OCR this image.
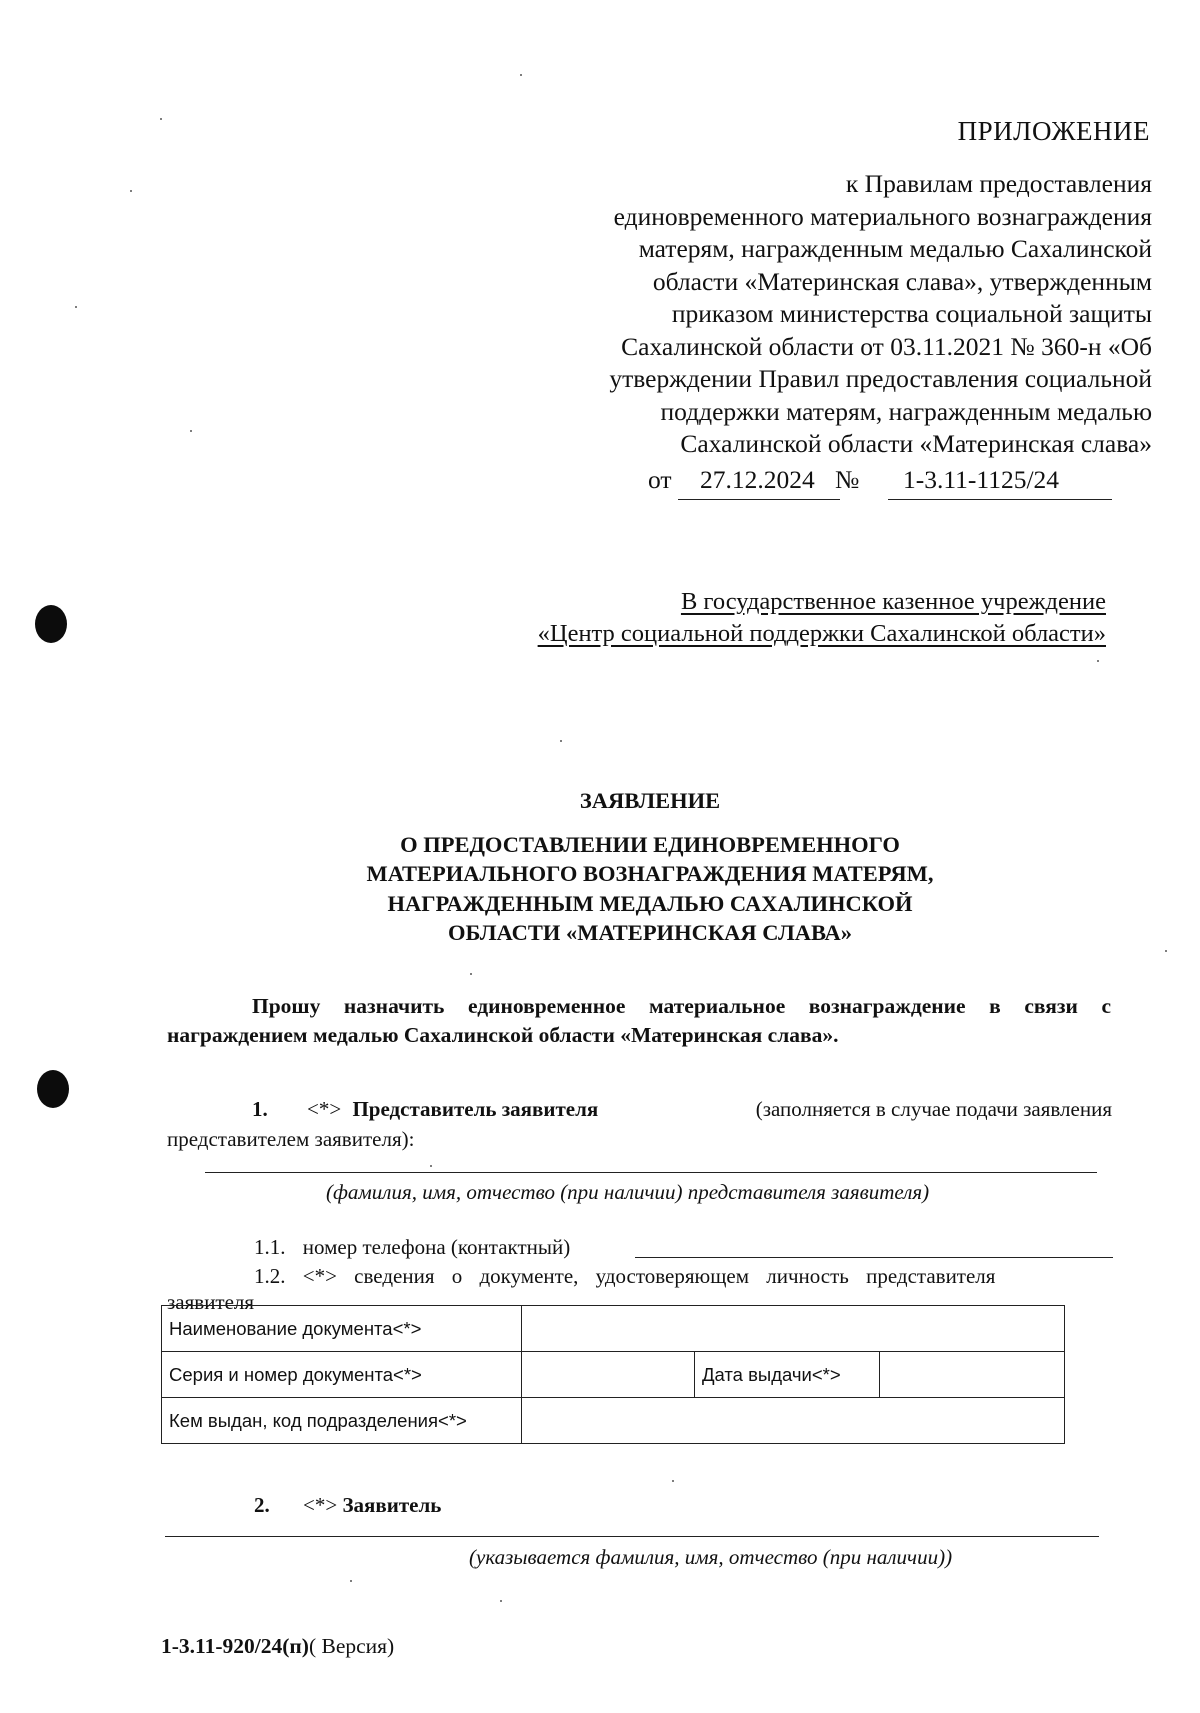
ПРИЛОЖЕНИЕ
к Правилам предоставления
единовременного материального вознаграждения
матерям, награжденным медалью Сахалинской
области «Материнская слава», утвержденным
приказом министерства социальной защиты
Сахалинской области от 03.11.2021 № 360-н «Об
утверждении Правил предоставления социальной
поддержки матерям, награжденным медалью
Сахалинской области «Материнская слава»
от 27.12.2024 № 1-3.11-1125/24
В государственное казенное учреждение
«Центр социальной поддержки Сахалинской области»
ЗАЯВЛЕНИЕ
О ПРЕДОСТАВЛЕНИИ ЕДИНОВРЕМЕННОГО
МАТЕРИАЛЬНОГО ВОЗНАГРАЖДЕНИЯ МАТЕРЯМ,
НАГРАЖДЕННЫМ МЕДАЛЬЮ САХАЛИНСКОЙ
ОБЛАСТИ «МАТЕРИНСКАЯ СЛАВА»
Прошу назначить единовременное материальное вознаграждение в связи с награждением медалью Сахалинской области «Материнская слава».
1. <*> Представитель заявителя	(заполняется в случае подачи заявления
представителем заявителя):
(фамилия, имя, отчество (при наличии) представителя заявителя)
1.1. номер телефона (контактный)
1.2. <*> сведения о документе, удостоверяющем личность представителя
заявителя
Наименование документа<*>			
Серия и номер документа<*>		Дата выдачи<*>	
Кем выдан, код подразделения<*>			
2. <*> Заявитель
(указывается фамилия, имя, отчество (при наличии))
1-3.11-920/24(п)( Версия)
